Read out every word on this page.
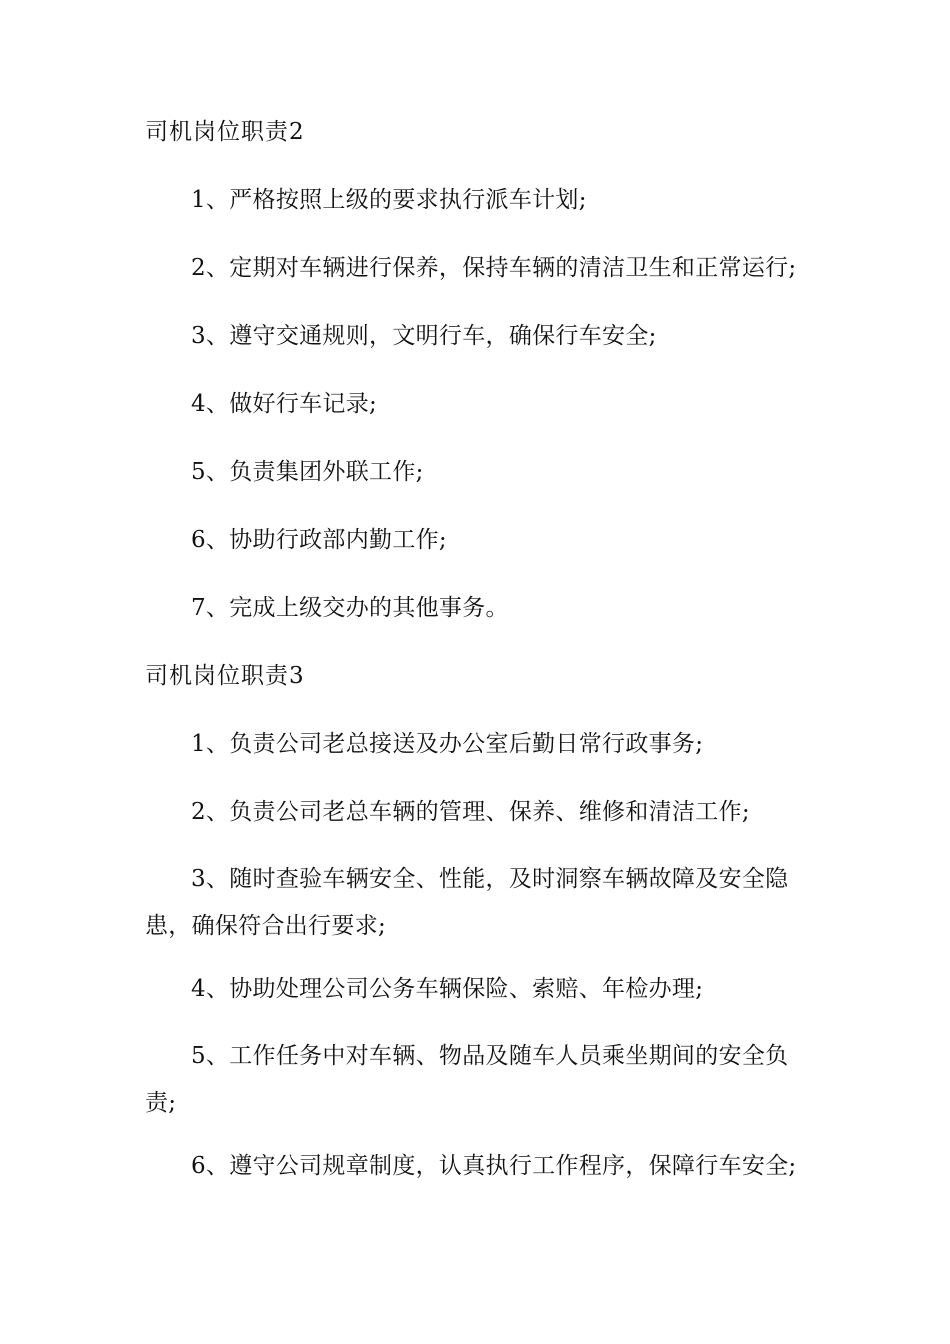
司机岗位职责2
1、严格按照上级的要求执行派车计划;
2、定期对车辆进行保养，保持车辆的清洁卫生和正常运行;
3、遵守交通规则，文明行车，确保行车安全;
4、做好行车记录;
5、负责集团外联工作;
6、协助行政部内勤工作;
7、完成上级交办的其他事务。
司机岗位职责3
1、负责公司老总接送及办公室后勤日常行政事务;
2、负责公司老总车辆的管理、保养、维修和清洁工作;
3、随时查验车辆安全、性能，及时洞察车辆故障及安全隐患，确保符合出行要求;
4、协助处理公司公务车辆保险、索赔、年检办理;
5、工作任务中对车辆、物品及随车人员乘坐期间的安全负责;
6、遵守公司规章制度，认真执行工作程序，保障行车安全;
